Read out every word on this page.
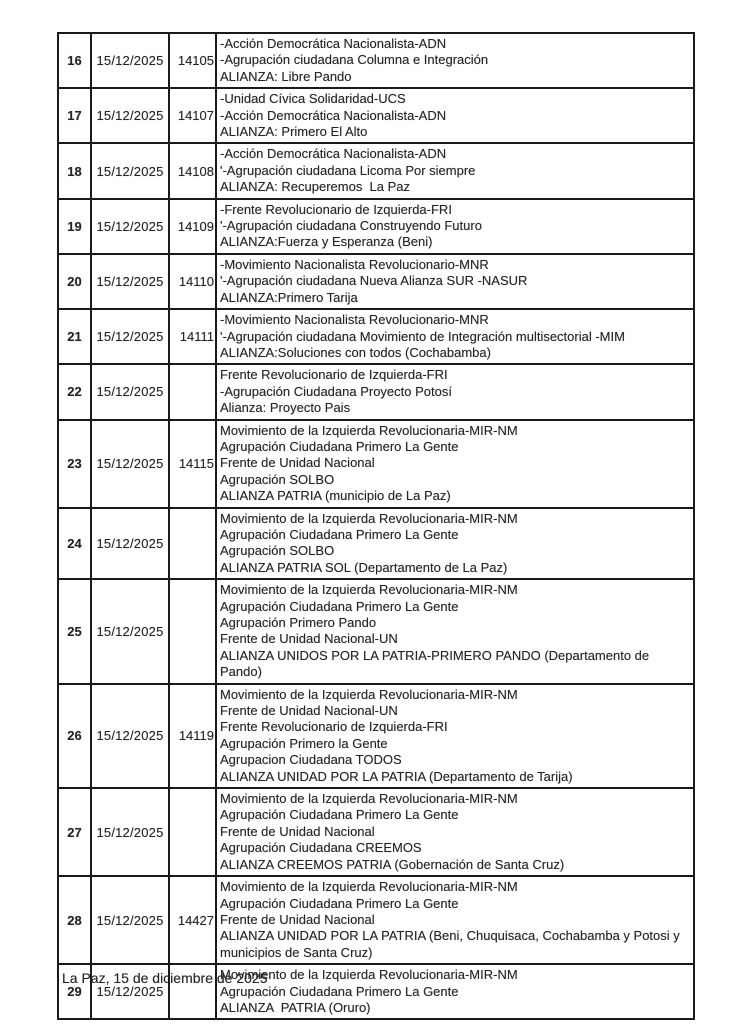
16	15/12/2025	14105	-Acción Democrática Nacionalista-ADN
-Agrupación ciudadana Columna e Integración
ALIANZA: Libre Pando

17	15/12/2025	14107	-Unidad Cívica Solidaridad-UCS
-Acción Democrática Nacionalista-ADN
ALIANZA: Primero El Alto

18	15/12/2025	14108	-Acción Democrática Nacionalista-ADN
'-Agrupación ciudadana Licoma Por siempre
ALIANZA: Recuperemos  La Paz

19	15/12/2025	14109	-Frente Revolucionario de Izquierda-FRI
'-Agrupación ciudadana Construyendo Futuro
ALIANZA:Fuerza y Esperanza (Beni)

20	15/12/2025	14110	-Movimiento Nacionalista Revolucionario-MNR
'-Agrupación ciudadana Nueva Alianza SUR -NASUR
ALIANZA:Primero Tarija

21	15/12/2025	14111	-Movimiento Nacionalista Revolucionario-MNR
'-Agrupación ciudadana Movimiento de Integración multisectorial -MIM
ALIANZA:Soluciones con todos (Cochabamba)

22	15/12/2025		Frente Revolucionario de Izquierda-FRI
-Agrupación Ciudadana Proyecto Potosí
Alianza: Proyecto Pais

23	15/12/2025	14115	Movimiento de la Izquierda Revolucionaria-MIR-NM
Agrupación Ciudadana Primero La Gente
Frente de Unidad Nacional
Agrupación SOLBO
ALIANZA PATRIA (municipio de La Paz)

24	15/12/2025		Movimiento de la Izquierda Revolucionaria-MIR-NM
Agrupación Ciudadana Primero La Gente
Agrupación SOLBO
ALIANZA PATRIA SOL (Departamento de La Paz)

25	15/12/2025		Movimiento de la Izquierda Revolucionaria-MIR-NM
Agrupación Ciudadana Primero La Gente
Agrupación Primero Pando
Frente de Unidad Nacional-UN
ALIANZA UNIDOS POR LA PATRIA-PRIMERO PANDO (Departamento de Pando)

26	15/12/2025	14119	
Movimiento de la Izquierda Revolucionaria-MIR-NM
Frente de Unidad Nacional-UN
Frente Revolucionario de Izquierda-FRI
Agrupación Primero la Gente
Agrupacion Ciudadana TODOS
ALIANZA UNIDAD POR LA PATRIA (Departamento de Tarija)

27	15/12/2025		Movimiento de la Izquierda Revolucionaria-MIR-NM
Agrupación Ciudadana Primero La Gente
Frente de Unidad Nacional
Agrupación Ciudadana CREEMOS
ALIANZA CREEMOS PATRIA (Gobernación de Santa Cruz)

28	15/12/2025	14427	Movimiento de la Izquierda Revolucionaria-MIR-NM
Agrupación Ciudadana Primero La Gente
Frente de Unidad Nacional
ALIANZA UNIDAD POR LA PATRIA (Beni, Chuquisaca, Cochabamba y Potosi y
municipios de Santa Cruz)

29	15/12/2025		Movimiento de la Izquierda Revolucionaria-MIR-NM
Agrupación Ciudadana Primero La Gente
ALIANZA  PATRIA (Oruro)
La Paz, 15 de diciembre de 2025
